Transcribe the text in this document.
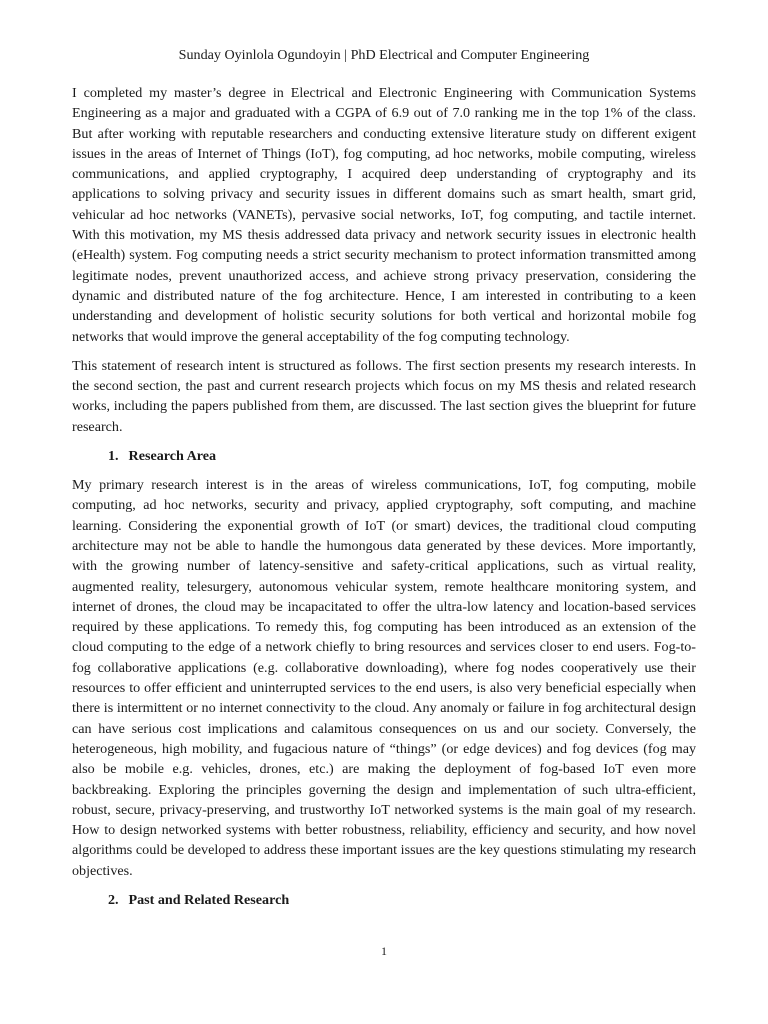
Sunday Oyinlola Ogundoyin | PhD Electrical and Computer Engineering

I completed my master’s degree in Electrical and Electronic Engineering with Communication Systems Engineering as a major and graduated with a CGPA of 6.9 out of 7.0 ranking me in the top 1% of the class. But after working with reputable researchers and conducting extensive literature study on different exigent issues in the areas of Internet of Things (IoT), fog computing, ad hoc networks, mobile computing, wireless communications, and applied cryptography, I acquired deep understanding of cryptography and its applications to solving privacy and security issues in different domains such as smart health, smart grid, vehicular ad hoc networks (VANETs), pervasive social networks, IoT, fog computing, and tactile internet. With this motivation, my MS thesis addressed data privacy and network security issues in electronic health (eHealth) system. Fog computing needs a strict security mechanism to protect information transmitted among legitimate nodes, prevent unauthorized access, and achieve strong privacy preservation, considering the dynamic and distributed nature of the fog architecture. Hence, I am interested in contributing to a keen understanding and development of holistic security solutions for both vertical and horizontal mobile fog networks that would improve the general acceptability of the fog computing technology.

This statement of research intent is structured as follows. The first section presents my research interests. In the second section, the past and current research projects which focus on my MS thesis and related research works, including the papers published from them, are discussed. The last section gives the blueprint for future research.

1. Research Area

My primary research interest is in the areas of wireless communications, IoT, fog computing, mobile computing, ad hoc networks, security and privacy, applied cryptography, soft computing, and machine learning. Considering the exponential growth of IoT (or smart) devices, the traditional cloud computing architecture may not be able to handle the humongous data generated by these devices. More importantly, with the growing number of latency-sensitive and safety-critical applications, such as virtual reality, augmented reality, telesurgery, autonomous vehicular system, remote healthcare monitoring system, and internet of drones, the cloud may be incapacitated to offer the ultra-low latency and location-based services required by these applications. To remedy this, fog computing has been introduced as an extension of the cloud computing to the edge of a network chiefly to bring resources and services closer to end users. Fog-to-fog collaborative applications (e.g. collaborative downloading), where fog nodes cooperatively use their resources to offer efficient and uninterrupted services to the end users, is also very beneficial especially when there is intermittent or no internet connectivity to the cloud. Any anomaly or failure in fog architectural design can have serious cost implications and calamitous consequences on us and our society. Conversely, the heterogeneous, high mobility, and fugacious nature of “things” (or edge devices) and fog devices (fog may also be mobile e.g. vehicles, drones, etc.) are making the deployment of fog-based IoT even more backbreaking. Exploring the principles governing the design and implementation of such ultra-efficient, robust, secure, privacy-preserving, and trustworthy IoT networked systems is the main goal of my research. How to design networked systems with better robustness, reliability, efficiency and security, and how novel algorithms could be developed to address these important issues are the key questions stimulating my research objectives.

2. Past and Related Research
1
